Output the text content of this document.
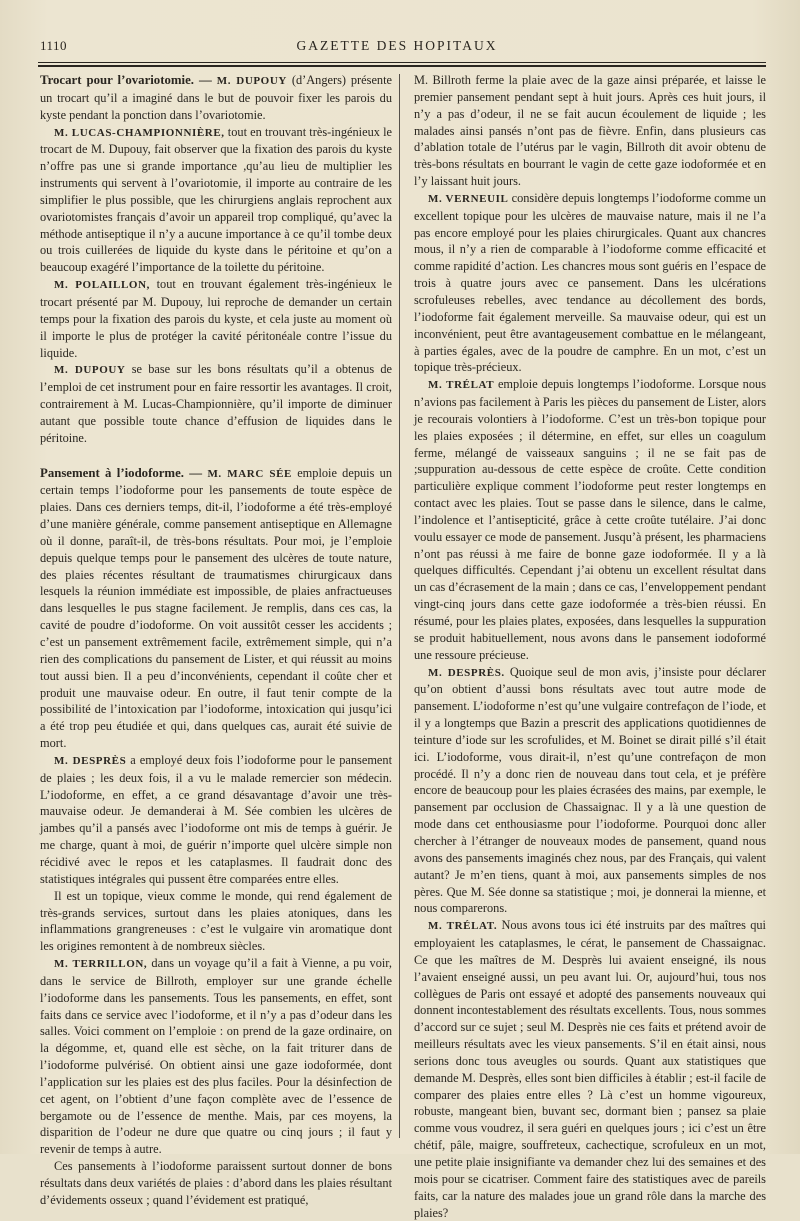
1110	GAZETTE DES HOPITAUX

Trocart pour l’ovariotomie. — M. DUPOUY (d’Angers) présente un trocart qu’il a imaginé dans le but de pouvoir fixer les parois du kyste pendant la ponction dans l’ovariotomie.

M. LUCAS-CHAMPIONNIÈRE, tout en trouvant très-ingénieux le trocart de M. Dupouy, fait observer que la fixation des parois du kyste n’offre pas une si grande importance ,qu’au lieu de multiplier les instruments qui servent à l’ovariotomie, il importe au contraire de les simplifier le plus possible, que les chirurgiens anglais reprochent aux ovariotomistes français d’avoir un appareil trop compliqué, qu’avec la méthode antiseptique il n’y a aucune importance à ce qu’il tombe deux ou trois cuillerées de liquide du kyste dans le péritoine et qu’on a beaucoup exagéré l’importance de la toilette du péritoine.

M. POLAILLON, tout en trouvant également très-ingénieux le trocart présenté par M. Dupouy, lui reproche de demander un certain temps pour la fixation des parois du kyste, et cela juste au moment où il importe le plus de protéger la cavité péritonéale contre l’issue du liquide.

M. DUPOUY se base sur les bons résultats qu’il a obtenus de l’emploi de cet instrument pour en faire ressortir les avantages. Il croit, contrairement à M. Lucas-Championnière, qu’il importe de diminuer autant que possible toute chance d’effusion de liquides dans le péritoine.

Pansement à l’iodoforme. — M. MARC SÉE emploie depuis un certain temps l’iodoforme pour les pansements de toute espèce de plaies. Dans ces derniers temps, dit-il, l’iodoforme a été très-employé d’une manière générale, comme pansement antiseptique en Allemagne où il donne, paraît-il, de très-bons résultats. Pour moi, je l’emploie depuis quelque temps pour le pansement des ulcères de toute nature, des plaies récentes résultant de traumatismes chirurgicaux dans lesquels la réunion immédiate est impossible, de plaies anfractueuses dans lesquelles le pus stagne facilement. Je remplis, dans ces cas, la cavité de poudre d’iodoforme. On voit aussitôt cesser les accidents ; c’est un pansement extrêmement facile, extrêmement simple, qui n’a rien des complications du pansement de Lister, et qui réussit au moins tout aussi bien. Il a peu d’inconvénients, cependant il coûte cher et produit une mauvaise odeur. En outre, il faut tenir compte de la possibilité de l’intoxication par l’iodoforme, intoxication qui jusqu’ici a été trop peu étudiée et qui, dans quelques cas, aurait été suivie de mort.

M. DESPRÈS a employé deux fois l’iodoforme pour le pansement de plaies ; les deux fois, il a vu le malade remercier son médecin. L’iodoforme, en effet, a ce grand désavantage d’avoir une très-mauvaise odeur. Je demanderai à M. Sée combien les ulcères de jambes qu’il a pansés avec l’iodoforme ont mis de temps à guérir. Je me charge, quant à moi, de guérir n’importe quel ulcère simple non récidivé avec le repos et les cataplasmes. Il faudrait donc des statistiques intégrales qui pussent être comparées entre elles.

Il est un topique, vieux comme le monde, qui rend également de très-grands services, surtout dans les plaies atoniques, dans les inflammations grangreneuses : c’est le vulgaire vin aromatique dont les origines remontent à de nombreux siècles.

M. TERRILLON, dans un voyage qu’il a fait à Vienne, a pu voir, dans le service de Billroth, employer sur une grande échelle l’iodoforme dans les pansements. Tous les pansements, en effet, sont faits dans ce service avec l’iodoforme, et il n’y a pas d’odeur dans les salles. Voici comment on l’emploie : on prend de la gaze ordinaire, on la dégomme, et, quand elle est sèche, on la fait triturer dans de l’iodoforme pulvérisé. On obtient ainsi une gaze iodoformée, dont l’application sur les plaies est des plus faciles. Pour la désinfection de cet agent, on l’obtient d’une façon complète avec de l’essence de bergamote ou de l’essence de menthe. Mais, par ces moyens, la disparition de l’odeur ne dure que quatre ou cinq jours ; il faut y revenir de temps à autre.

Ces pansements à l’iodoforme paraissent surtout donner de bons résultats dans deux variétés de plaies : d’abord dans les plaies résultant d’évidements osseux ; quand l’évidement est pratiqué,

M. Billroth ferme la plaie avec de la gaze ainsi préparée, et laisse le premier pansement pendant sept à huit jours. Après ces huit jours, il n’y a pas d’odeur, il ne se fait aucun écoulement de liquide ; les malades ainsi pansés n’ont pas de fièvre. Enfin, dans plusieurs cas d’ablation totale de l’utérus par le vagin, Billroth dit avoir obtenu de très-bons résultats en bourrant le vagin de cette gaze iodoformée et en l’y laissant huit jours.

M. VERNEUIL considère depuis longtemps l’iodoforme comme un excellent topique pour les ulcères de mauvaise nature, mais il ne l’a pas encore employé pour les plaies chirurgicales. Quant aux chancres mous, il n’y a rien de comparable à l’iodoforme comme efficacité et comme rapidité d’action. Les chancres mous sont guéris en l’espace de trois à quatre jours avec ce pansement. Dans les ulcérations scrofuleuses rebelles, avec tendance au décollement des bords, l’iodoforme fait également merveille. Sa mauvaise odeur, qui est un inconvénient, peut être avantageusement combattue en le mélangeant, à parties égales, avec de la poudre de camphre. En un mot, c’est un topique très-précieux.

M. TRÉLAT emploie depuis longtemps l’iodoforme. Lorsque nous n’avions pas facilement à Paris les pièces du pansement de Lister, alors je recourais volontiers à l’iodoforme. C’est un très-bon topique pour les plaies exposées ; il détermine, en effet, sur elles un coagulum ferme, mélangé de vaisseaux sanguins ; il ne se fait pas de ;suppuration au-dessous de cette espèce de croûte. Cette condition particulière explique comment l’iodoforme peut rester longtemps en contact avec les plaies. Tout se passe dans le silence, dans le calme, l’indolence et l’antisepticité, grâce à cette croûte tutélaire. J’ai donc voulu essayer ce mode de pansement. Jusqu’à présent, les pharmaciens n’ont pas réussi à me faire de bonne gaze iodoformée. Il y a là quelques difficultés. Cependant j’ai obtenu un excellent résultat dans un cas d’écrasement de la main ; dans ce cas, l’enveloppement pendant vingt-cinq jours dans cette gaze iodoformée a très-bien réussi. En résumé, pour les plaies plates, exposées, dans lesquelles la suppuration se produit habituellement, nous avons dans le pansement iodoformé une ressoure précieuse.

M. DESPRÈS. Quoique seul de mon avis, j’insiste pour déclarer qu’on obtient d’aussi bons résultats avec tout autre mode de pansement. L’iodoforme n’est qu’une vulgaire contrefaçon de l’iode, et il y a longtemps que Bazin a prescrit des applications quotidiennes de teinture d’iode sur les scrofulides, et M. Boinet se dirait pillé s’il était ici. L’iodoforme, vous dirait-il, n’est qu’une contrefaçon de mon procédé. Il n’y a donc rien de nouveau dans tout cela, et je préfère encore de beaucoup pour les plaies écrasées des mains, par exemple, le pansement par occlusion de Chassaignac. Il y a là une question de mode dans cet enthousiasme pour l’iodoforme. Pourquoi donc aller chercher à l’étranger de nouveaux modes de pansement, quand nous avons des pansements imaginés chez nous, par des Français, qui valent autant? Je m’en tiens, quant à moi, aux pansements simples de nos pères. Que M. Sée donne sa statistique ; moi, je donnerai la mienne, et nous comparerons.

M. TRÉLAT. Nous avons tous ici été instruits par des maîtres qui employaient les cataplasmes, le cérat, le pansement de Chassaignac. Ce que les maîtres de M. Desprès lui avaient enseigné, ils nous l’avaient enseigné aussi, un peu avant lui. Or, aujourd’hui, tous nos collègues de Paris ont essayé et adopté des pansements nouveaux qui donnent incontestablement des résultats excellents. Tous, nous sommes d’accord sur ce sujet ; seul M. Desprès nie ces faits et prétend avoir de meilleurs résultats avec les vieux pansements. S’il en était ainsi, nous serions donc tous aveugles ou sourds. Quant aux statistiques que demande M. Desprès, elles sont bien difficiles à établir ; est-il facile de comparer des plaies entre elles ? Là c’est un homme vigoureux, robuste, mangeant bien, buvant sec, dormant bien ; pansez sa plaie comme vous voudrez, il sera guéri en quelques jours ; ici c’est un être chétif, pâle, maigre, souffreteux, cachectique, scrofuleux en un mot, une petite plaie insignifiante va demander chez lui des semaines et des mois pour se cicatriser. Comment faire des statistiques avec de pareils faits, car la nature des malades joue un grand rôle dans la marche des plaies?
